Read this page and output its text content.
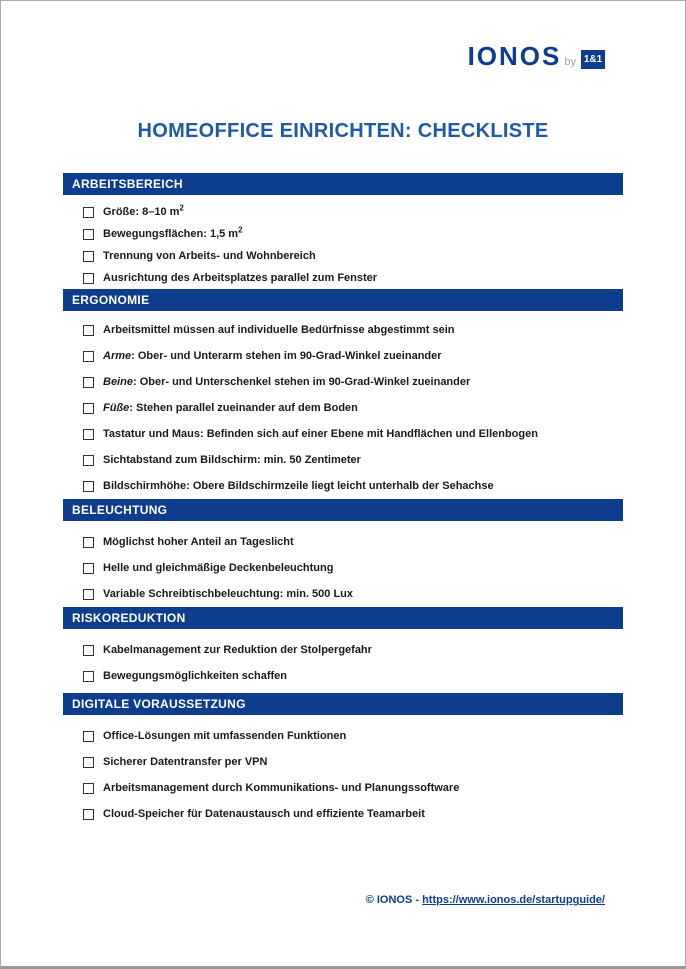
IONOS by 1&1
HOMEOFFICE EINRICHTEN: CHECKLISTE
ARBEITSBEREICH
Größe: 8–10 $m^2$
Bewegungsflächen: 1,5 $m^2$
Trennung von Arbeits- und Wohnbereich
Ausrichtung des Arbeitsplatzes parallel zum Fenster
ERGONOMIE
Arbeitsmittel müssen auf individuelle Bedürfnisse abgestimmt sein
Arme: Ober- und Unterarm stehen im 90-Grad-Winkel zueinander
Beine: Ober- und Unterschenkel stehen im 90-Grad-Winkel zueinander
Füße: Stehen parallel zueinander auf dem Boden
Tastatur und Maus: Befinden sich auf einer Ebene mit Handflächen und Ellenbogen
Sichtabstand zum Bildschirm: min. 50 Zentimeter
Bildschirmhöhe: Obere Bildschirmzeile liegt leicht unterhalb der Sehachse
BELEUCHTUNG
Möglichst hoher Anteil an Tageslicht
Helle und gleichmäßige Deckenbeleuchtung
Variable Schreibtischbeleuchtung: min. 500 Lux
RISKOREDUKTION
Kabelmanagement zur Reduktion der Stolpergefahr
Bewegungsmöglichkeiten schaffen
DIGITALE VORAUSSETZUNG
Office-Lösungen mit umfassenden Funktionen
Sicherer Datentransfer per VPN
Arbeitsmanagement durch Kommunikations- und Planungssoftware
Cloud-Speicher für Datenaustausch und effiziente Teamarbeit
© IONOS - https://www.ionos.de/startupguide/
